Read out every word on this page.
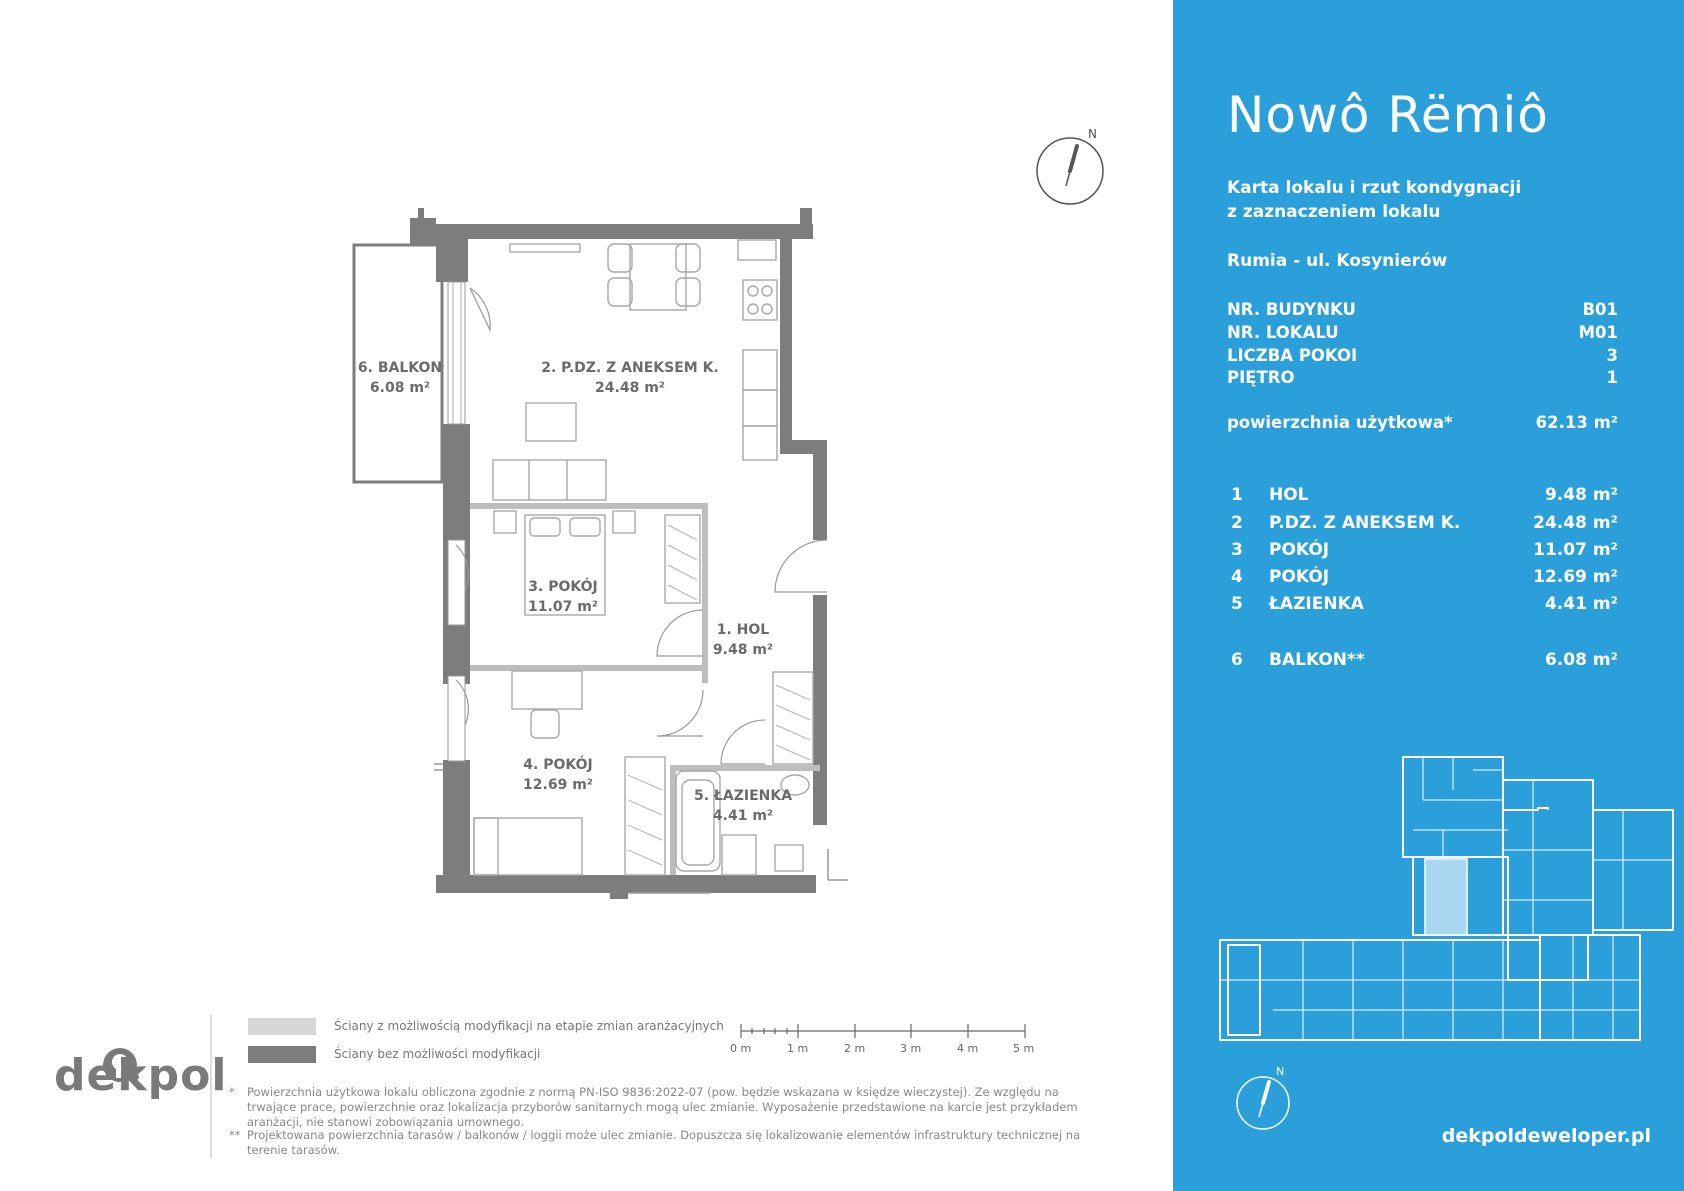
N
6. BALKON
6.08 m²
2. P.DZ. Z ANEKSEM K.
24.48 m²
3. POKÓJ
11.07 m²
1. HOL
9.48 m²
4. POKÓJ
12.69 m²
5. ŁAZIENKA
4.41 m²
Ściany z możliwością modyfikacji na etapie zmian aranżacyjnych
Ściany bez możliwości modyfikacji	0 m	1 m	2 m	3 m	4 m	5 m
* Powierzchnia użytkowa lokalu obliczona zgodnie z normą PN-ISO 9836:2022-07 (pow. będzie wskazana w księdze wieczystej). Ze względu na trwające prace, powierzchnie oraz lokalizacja przyborów sanitarnych mogą ulec zmianie. Wyposażenie przedstawione na karcie jest przykładem aranżacji, nie stanowi zobowiązania umownego.
** Projektowana powierzchnia tarasów / balkonów / loggii może ulec zmianie. Dopuszcza się lokalizowanie elementów infrastruktury technicznej na terenie tarasów.
dekpol
Nowô Rëmiô
Karta lokalu i rzut kondygnacji
z zaznaczeniem lokalu
Rumia - ul. Kosynierów
NR. BUDYNKU	B01
NR. LOKALU	M01
LICZBA POKOI	3
PIĘTRO	1
powierzchnia użytkowa*	62.13 m²
1 HOL	9.48 m²
2 P.DZ. Z ANEKSEM K.	24.48 m²
3 POKÓJ	11.07 m²
4 POKÓJ	12.69 m²
5 ŁAZIENKA	4.41 m²
6 BALKON**	6.08 m²
N
dekpoldeweloper.pl
